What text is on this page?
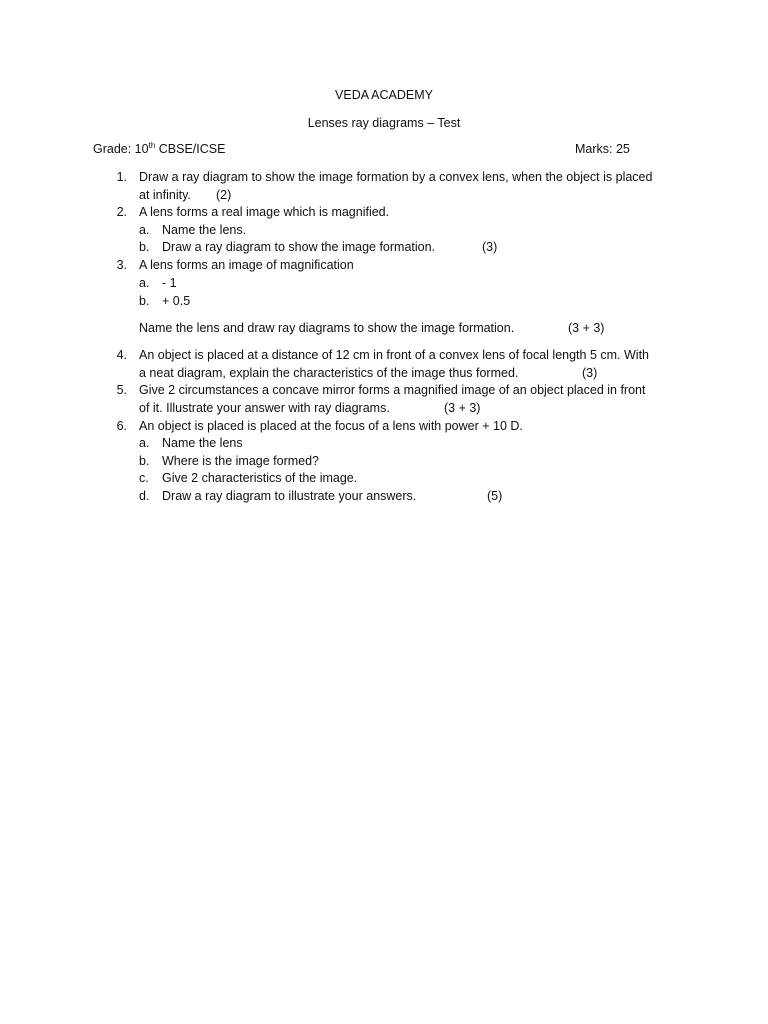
VEDA ACADEMY
Lenses ray diagrams – Test
Grade: 10th CBSE/ICSE	Marks: 25
1. Draw a ray diagram to show the image formation by a convex lens, when the object is placed
at infinity. (2)
2. A lens forms a real image which is magnified.
a. Name the lens.
b. Draw a ray diagram to show the image formation.	(3)
3. A lens forms an image of magnification
a. - 1
b. + 0.5
Name the lens and draw ray diagrams to show the image formation.	(3 + 3)
4. An object is placed at a distance of 12 cm in front of a convex lens of focal length 5 cm. With
a neat diagram, explain the characteristics of the image thus formed.	(3)
5. Give 2 circumstances a concave mirror forms a magnified image of an object placed in front
of it. Illustrate your answer with ray diagrams.	(3 + 3)
6. An object is placed is placed at the focus of a lens with power + 10 D.
a. Name the lens
b. Where is the image formed?
c. Give 2 characteristics of the image.
d. Draw a ray diagram to illustrate your answers.	(5)
